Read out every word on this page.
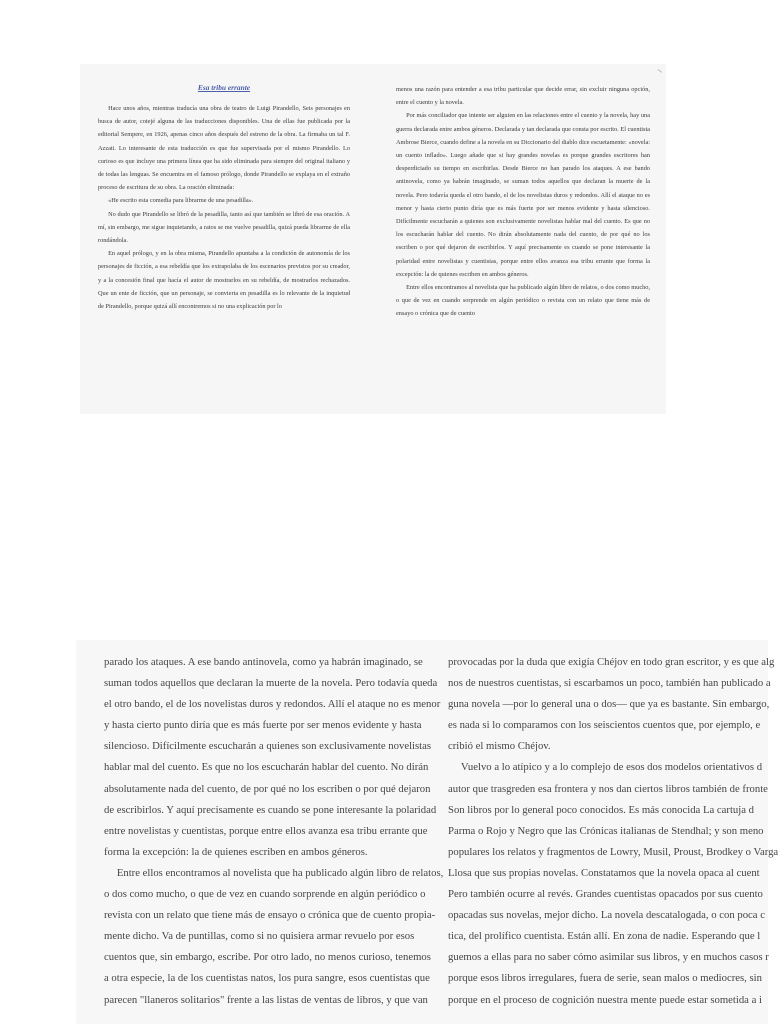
Esa tribu errante

Hace unos años, mientras traducía una obra de teatro de Luigi Pirandello, Seis personajes en busca de autor, cotejé alguna de las traducciones disponibles. Una de ellas fue publicada por la editorial Sempere, en 1926, apenas cinco años después del estreno de la obra. La firmaba un tal F. Azzati. Lo interesante de esta traducción es que fue supervisada por el mismo Pirandello. Lo curioso es que incluye una primera línea que ha sido eliminada para siempre del original italiano y de todas las lenguas. Se encuentra en el famoso prólogo, donde Pirandello se explaya en el extraño proceso de escritura de su obra. La oración eliminada:

«He escrito esta comedia para librarme de una pesadilla».

No dudo que Pirandello se libró de la pesadilla, tanto así que también se libró de esa oración. A mí, sin embargo, me sigue inquietando, a ratos se me vuelve pesadilla, quizá pueda librarme de ella rondándola.

En aquel prólogo, y en la obra misma, Pirandello apuntaba a la condición de autonomía de los personajes de ficción, a esa rebeldía que los extrapolaba de los escenarios previstos por su creador, y a la concesión final que hacía el autor de mostrarlos en su rebeldía, de mostrarlos rechazados. Que un ente de ficción, que un personaje, se convierta en pesadilla es lo relevante de la inquietud de Pirandello, porque quizá allí encontremos si no una explicación por lo

menos una razón para entender a esa tribu particular que decide errar, sin excluir ninguna opción, entre el cuento y la novela.

Por más conciliador que intente ser alguien en las relaciones entre el cuento y la novela, hay una guerra declarada entre ambos géneros. Declarada y tan declarada que consta por escrito. El cuentista Ambrose Bierce, cuando define a la novela en su Diccionario del diablo dice escuetamente: «novela: un cuento inflado». Luego añade que si hay grandes novelas es porque grandes escritores han desperdiciado su tiempo en escribirlas. Desde Bierce no han parado los ataques. A ese bando antinovela, como ya habrán imaginado, se suman todos aquellos que declaran la muerte de la novela. Pero todavía queda el otro bando, el de los novelistas duros y redondos. Allí el ataque no es menor y hasta cierto punto diría que es más fuerte por ser menos evidente y hasta silencioso. Difícilmente escucharán a quienes son exclusivamente novelistas hablar mal del cuento. Es que no los escucharán hablar del cuento. No dirán absolutamente nada del cuento, de por qué no los escriben o por qué dejaron de escribirlos. Y aquí precisamente es cuando se pone interesante la polaridad entre novelistas y cuentistas, porque entre ellos avanza esa tribu errante que forma la excepción: la de quienes escriben en ambos géneros.

Entre ellos encontramos al novelista que ha publicado algún libro de relatos, o dos como mucho, o que de vez en cuando sorprende en algún periódico o revista con un relato que tiene más de ensayo o crónica que de cuento

parado los ataques. A ese bando antinovela, como ya habrán imaginado, se
suman todos aquellos que declaran la muerte de la novela. Pero todavía queda
el otro bando, el de los novelistas duros y redondos. Allí el ataque no es menor
y hasta cierto punto diría que es más fuerte por ser menos evidente y hasta
silencioso. Difícilmente escucharán a quienes son exclusivamente novelistas
hablar mal del cuento. Es que no los escucharán hablar del cuento. No dirán
absolutamente nada del cuento, de por qué no los escriben o por qué dejaron
de escribirlos. Y aquí precisamente es cuando se pone interesante la polaridad
entre novelistas y cuentistas, porque entre ellos avanza esa tribu errante que
forma la excepción: la de quienes escriben en ambos géneros.
Entre ellos encontramos al novelista que ha publicado algún libro de relatos,
o dos como mucho, o que de vez en cuando sorprende en algún periódico o
revista con un relato que tiene más de ensayo o crónica que de cuento propia-
mente dicho. Va de puntillas, como si no quisiera armar revuelo por esos
cuentos que, sin embargo, escribe. Por otro lado, no menos curioso, tenemos
a otra especie, la de los cuentistas natos, los pura sangre, esos cuentistas que
parecen "llaneros solitarios" frente a las listas de ventas de libros, y que van
provocadas por la duda que exigía Chéjov en todo gran escritor, y es que alg
nos de nuestros cuentistas, si escarbamos un poco, también han publicado a
guna novela —por lo general una o dos— que ya es bastante. Sin embargo,
es nada si lo comparamos con los seiscientos cuentos que, por ejemplo, e
cribió el mismo Chéjov.
Vuelvo a lo atípico y a lo complejo de esos dos modelos orientativos d
autor que trasgreden esa frontera y nos dan ciertos libros también de fronte
Son libros por lo general poco conocidos. Es más conocida La cartuja d
Parma o Rojo y Negro que las Crónicas italianas de Stendhal; y son meno
populares los relatos y fragmentos de Lowry, Musil, Proust, Brodkey o Varga
Llosa que sus propias novelas. Constatamos que la novela opaca al cuent
Pero también ocurre al revés. Grandes cuentistas opacados por sus cuento
opacadas sus novelas, mejor dicho. La novela descatalogada, o con poca c
tica, del prolífico cuentista. Están allí. En zona de nadie. Esperando que l
guemos a ellas para no saber cómo asimilar sus libros, y en muchos casos r
porque esos libros irregulares, fuera de serie, sean malos o mediocres, sin
porque en el proceso de cognición nuestra mente puede estar sometida a i
